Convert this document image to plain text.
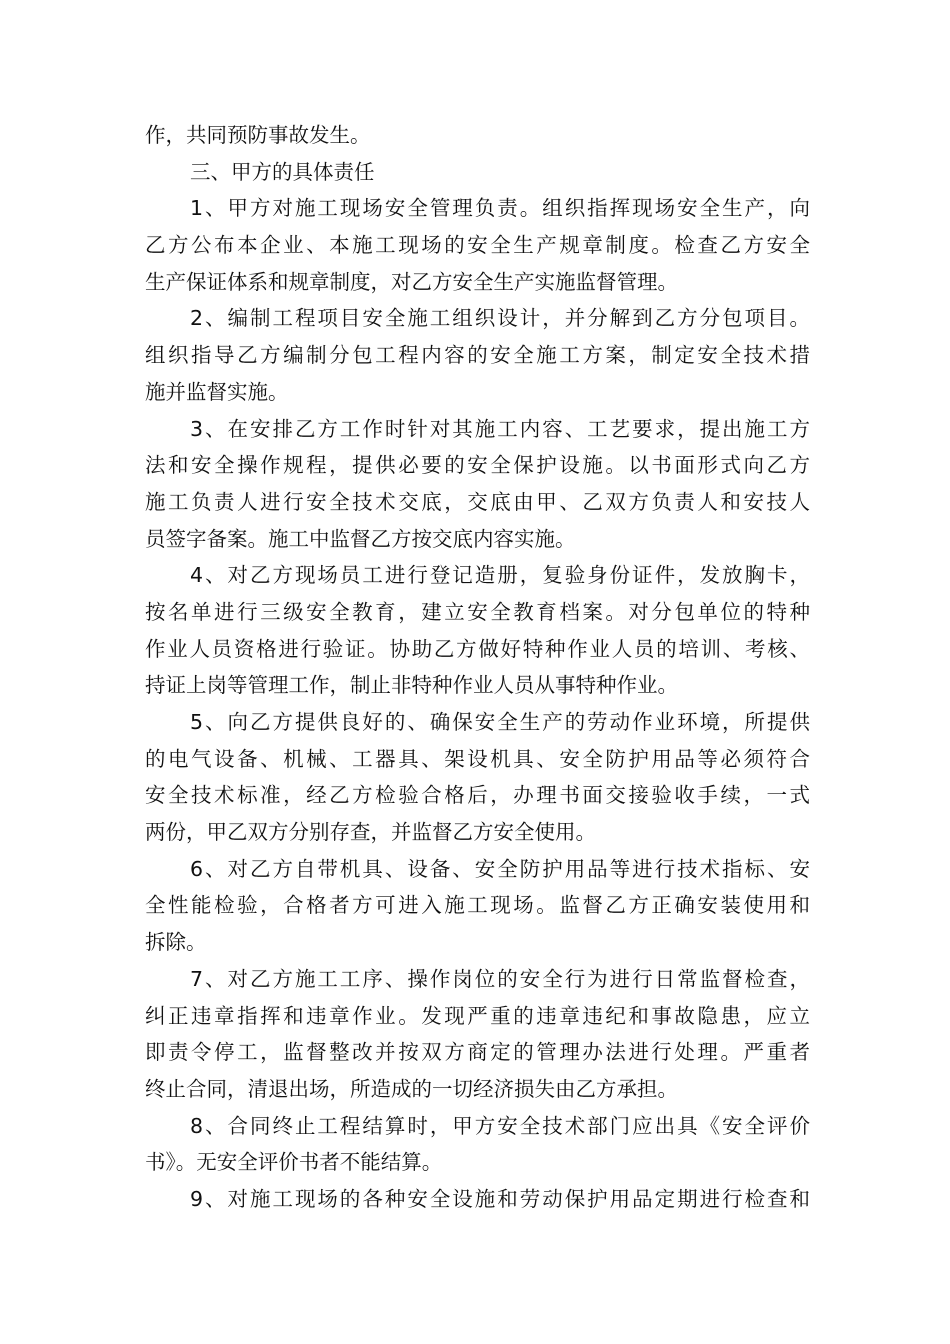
作，共同预防事故发生。
三、甲方的具体责任
1、甲方对施工现场安全管理负责。组织指挥现场安全生产，向
乙方公布本企业、本施工现场的安全生产规章制度。检查乙方安全
生产保证体系和规章制度，对乙方安全生产实施监督管理。
2、编制工程项目安全施工组织设计，并分解到乙方分包项目。
组织指导乙方编制分包工程内容的安全施工方案，制定安全技术措
施并监督实施。
3、在安排乙方工作时针对其施工内容、工艺要求，提出施工方
法和安全操作规程，提供必要的安全保护设施。以书面形式向乙方
施工负责人进行安全技术交底，交底由甲、乙双方负责人和安技人
员签字备案。施工中监督乙方按交底内容实施。
4、对乙方现场员工进行登记造册，复验身份证件，发放胸卡，
按名单进行三级安全教育，建立安全教育档案。对分包单位的特种
作业人员资格进行验证。协助乙方做好特种作业人员的培训、考核、
持证上岗等管理工作，制止非特种作业人员从事特种作业。
5、向乙方提供良好的、确保安全生产的劳动作业环境，所提供
的电气设备、机械、工器具、架设机具、安全防护用品等必须符合
安全技术标准，经乙方检验合格后，办理书面交接验收手续，一式
两份，甲乙双方分别存查，并监督乙方安全使用。
6、对乙方自带机具、设备、安全防护用品等进行技术指标、安
全性能检验，合格者方可进入施工现场。监督乙方正确安装使用和
拆除。
7、对乙方施工工序、操作岗位的安全行为进行日常监督检查，
纠正违章指挥和违章作业。发现严重的违章违纪和事故隐患，应立
即责令停工，监督整改并按双方商定的管理办法进行处理。严重者
终止合同，清退出场，所造成的一切经济损失由乙方承担。
8、合同终止工程结算时，甲方安全技术部门应出具《安全评价
书》。无安全评价书者不能结算。
9、对施工现场的各种安全设施和劳动保护用品定期进行检查和
